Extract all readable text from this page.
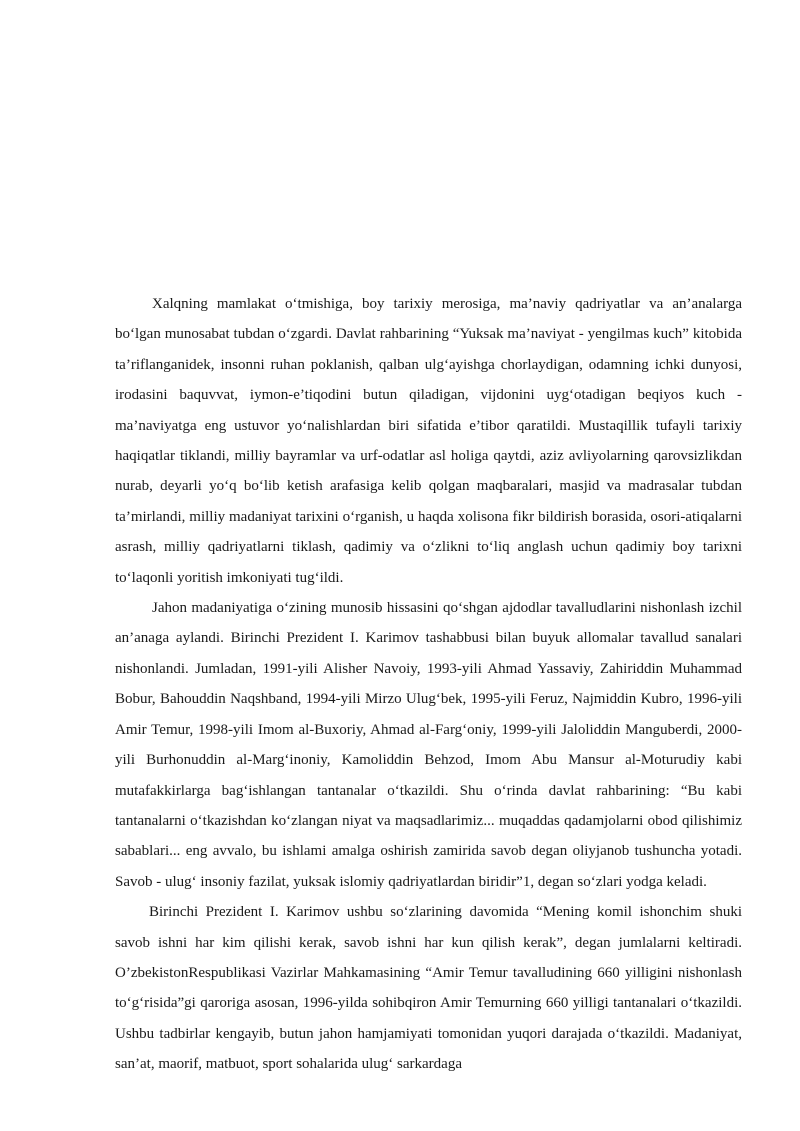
Xalqning mamlakat o‘tmishiga, boy tarixiy merosiga, ma’naviy qadriyatlar va an’analarga bo‘lgan munosabat tubdan o‘zgardi. Davlat rahbarining “Yuksak ma’naviyat - yengilmas kuch” kitobida ta’riflanganidek, insonni ruhan poklanish, qalban ulg‘ayishga chorlaydigan, odamning ichki dunyosi, irodasini baquvvat, iymon-e’tiqodini butun qiladigan, vijdonini uyg‘otadigan beqiyos kuch - ma’naviyatga eng ustuvor yo‘nalishlardan biri sifatida e’tibor qaratildi. Mustaqillik tufayli tarixiy haqiqatlar tiklandi, milliy bayramlar va urf-odatlar asl holiga qaytdi, aziz avliyolarning qarovsizlikdan nurab, deyarli yo‘q bo‘lib ketish arafasiga kelib qolgan maqbaralari, masjid va madrasalar tubdan ta’mirlandi, milliy madaniyat tarixini o‘rganish, u haqda xolisona fikr bildirish borasida, osori-atiqalarni asrash, milliy qadriyatlarni tiklash, qadimiy va o‘zlikni to‘liq anglash uchun qadimiy boy tarixni to‘laqonli yoritish imkoniyati tug‘ildi.

Jahon madaniyatiga o‘zining munosib hissasini qo‘shgan ajdodlar tavalludlarini nishonlash izchil an’anaga aylandi. Birinchi Prezident I. Karimov tashabbusi bilan buyuk allomalar tavallud sanalari nishonlandi. Jumladan, 1991-yili Alisher Navoiy, 1993-yili Ahmad Yassaviy, Zahiriddin Muhammad Bobur, Bahouddin Naqshband, 1994-yili Mirzo Ulug‘bek, 1995-yili Feruz, Najmiddin Kubro, 1996-yili Amir Temur, 1998-yili Imom al-Buxoriy, Ahmad al-Farg‘oniy, 1999-yili Jaloliddin Manguberdi, 2000-yili Burhonuddin al-Marg‘inoniy, Kamoliddin Behzod, Imom Abu Mansur al-Moturudiy kabi mutafakkirlarga bag‘ishlangan tantanalar o‘tkazildi. Shu o‘rinda davlat rahbarining: “Bu kabi tantanalarni o‘tkazishdan ko‘zlangan niyat va maqsadlarimiz... muqaddas qadamjolarni obod qilishimiz sabablari... eng avvalo, bu ishlami amalga oshirish zamirida savob degan oliyjanob tushuncha yotadi. Savob - ulug‘ insoniy fazilat, yuksak islomiy qadriyatlardan biridir”1, degan so‘zlari yodga keladi.

Birinchi Prezident I. Karimov ushbu so‘zlarining davomida “Mening komil ishonchim shuki savob ishni har kim qilishi kerak, savob ishni har kun qilish kerak”, degan jumlalarni keltiradi. O’zbekistonRespublikasi Vazirlar Mahkamasining “Amir Temur tavalludining 660 yilligini nishonlash to‘g‘risida”gi qaroriga asosan, 1996-yilda sohibqiron Amir Temurning 660 yilligi tantanalari o‘tkazildi. Ushbu tadbirlar kengayib, butun jahon hamjamiyati tomonidan yuqori darajada o‘tkazildi. Madaniyat, san’at, maorif, matbuot, sport sohalarida ulug‘ sarkardaga
